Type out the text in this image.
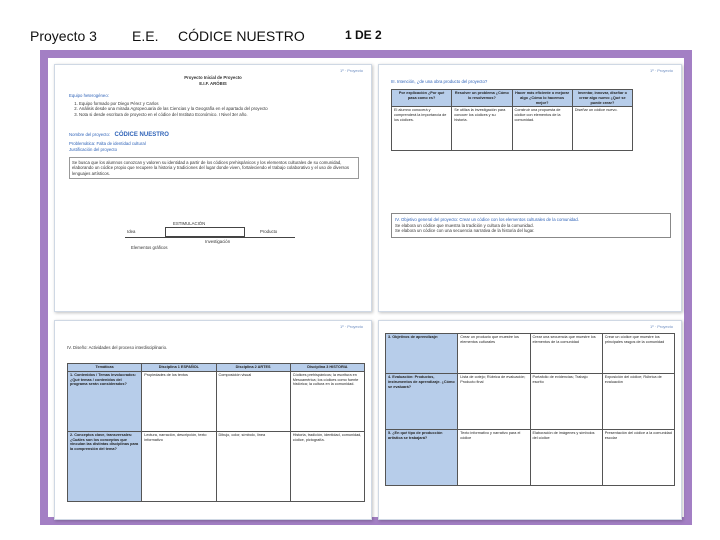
Proyecto 3	E.E. CÓDICE NUESTRO	1 DE 2
1º · Proyecto
Proyecto Inicial de Proyecto
E.I.F. ARÓBIS
Equipo heterogéneo:
1. Equipo formado por Diego Pérez y Carlos
2. Análisis desde una mirada Agropecuaria de las Ciencias y la Geografía en el apartado del proyecto
3. Nota si desde escritura de proyecto en el códice del Instituto Económico. I Nivel 3er año.
Nombre del proyecto: CÓDICE NUESTRO
Problemática: Falta de identidad cultural
Justificación del proyecto
Se busca que los alumnos conozcan y valoren su identidad a partir de los códices prehispánicos y los elementos culturales de su comunidad, elaborando un códice propio que recupere la historia y tradiciones del lugar donde viven, fortaleciendo el trabajo colaborativo y el uso de diversos lenguajes artísticos.
ESTIMULACIÓN
Idea
Investigación
Producto
Elementos gráficos
1º · Proyecto
III. Intención, ¿de una obra producto del proyecto?
Por explicación ¿Por qué pasa como es?	Resolver un problema ¿Cómo lo resolvemos?	Hacer más eficiente o mejorar algo ¿Cómo lo hacemos mejor?	Inventar, innovar, diseñar o crear algo nuevo ¿Qué se puede crear?
El alumno conocerá y comprenderá la importancia de los códices.	Se utiliza la investigación para conocer los códices y su historia.	Construir una propuesta de códice con elementos de la comunidad.	Diseñar un códice nuevo.
IV. Objetivo general del proyecto: Crear un códice con los elementos culturales de la comunidad.
Se elabora un códice que muestra la tradición y cultura de la comunidad.
Se elabora un códice con una secuencia narrativa de la historia del lugar.
1º · Proyecto
IV. Diseño: Actividades del proceso interdisciplinario.
Temáticas	Disciplina 1 ESPAÑOL	Disciplina 2 ARTES	Disciplina 3 HISTORIA
1. Contenidos / Temas involucrados: ¿Qué temas / contenidos del programa serán considerados?	Propiedades de los textos	Composición visual	Códices prehispánicos; la escritura en Mesoamérica; los códices como fuente histórica; la cultura en la comunidad.
2. Conceptos clave, transversales: ¿Cuáles son los conceptos que vinculan las distintas disciplinas para la comprensión del tema?	Lectura, narración, descripción, texto informativo	Dibujo, color, símbolo, línea	Historia, tradición, identidad, comunidad, códice, pictografía.
1º · Proyecto
3. Objetivos de aprendizaje:	Crear un producto que muestre los elementos culturales	Crear una secuencia que muestre los elementos de la comunidad	Crear un códice que muestre los principales rasgos de la comunidad
4. Evaluación: Productos, instrumentos de aprendizaje. ¿Cómo se evaluará?	Lista de cotejo; Rúbrica de evaluación; Producto final	Portafolio de evidencias; Trabajo escrito	Exposición del códice; Rúbrica de evaluación
5. ¿En qué tipo de producción artística se trabajará?	Texto informativo y narrativo para el códice	Elaboración de imágenes y símbolos del códice	Presentación del códice a la comunidad escolar
